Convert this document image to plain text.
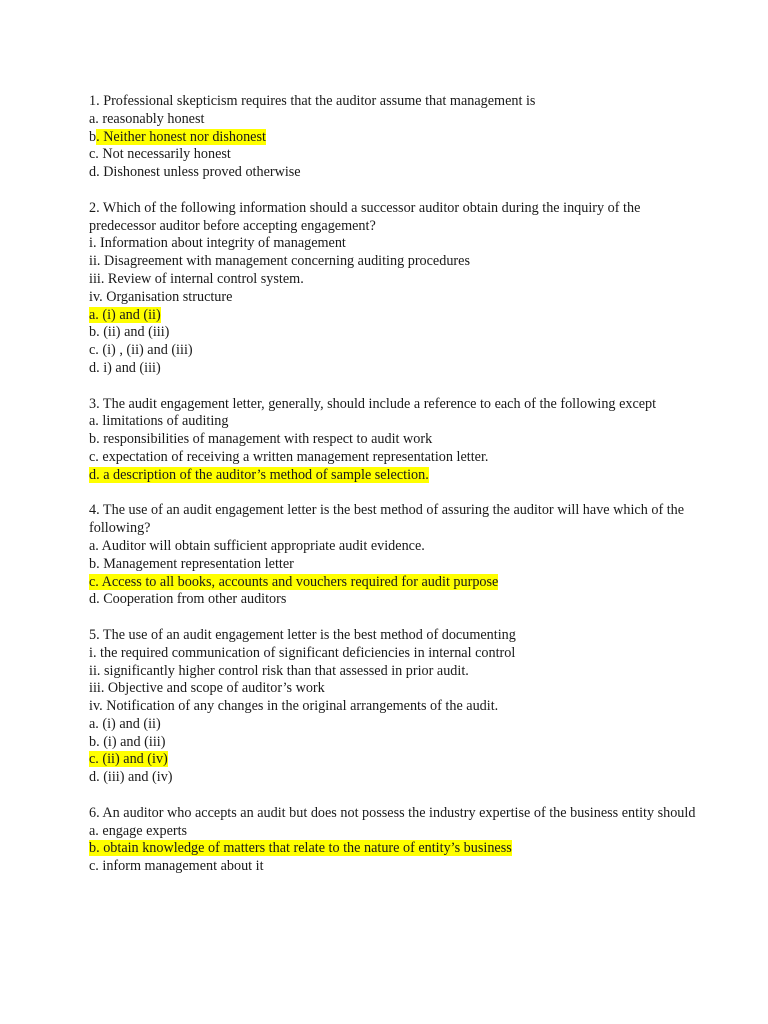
1. Professional skepticism requires that the auditor assume that management is
a. reasonably honest
b. Neither honest nor dishonest
c. Not necessarily honest
d. Dishonest unless proved otherwise
2. Which of the following information should a successor auditor obtain during the inquiry of the predecessor auditor before accepting engagement?
i. Information about integrity of management
ii. Disagreement with management concerning auditing procedures
iii. Review of internal control system.
iv. Organisation structure
a. (i) and (ii)
b. (ii) and (iii)
c. (i) , (ii) and (iii)
d. i) and (iii)
3. The audit engagement letter, generally, should include a reference to each of the following except
a. limitations of auditing
b. responsibilities of management with respect to audit work
c. expectation of receiving a written management representation letter.
d. a description of the auditor’s method of sample selection.
4. The use of an audit engagement letter is the best method of assuring the auditor will have which of the following?
a. Auditor will obtain sufficient appropriate audit evidence.
b. Management representation letter
c. Access to all books, accounts and vouchers required for audit purpose
d. Cooperation from other auditors
5. The use of an audit engagement letter is the best method of documenting
i. the required communication of significant deficiencies in internal control
ii. significantly higher control risk than that assessed in prior audit.
iii. Objective and scope of auditor’s work
iv. Notification of any changes in the original arrangements of the audit.
a. (i) and (ii)
b. (i) and (iii)
c. (ii) and (iv)
d. (iii) and (iv)
6. An auditor who accepts an audit but does not possess the industry expertise of the business entity should
a. engage experts
b. obtain knowledge of matters that relate to the nature of entity’s business
c. inform management about it
